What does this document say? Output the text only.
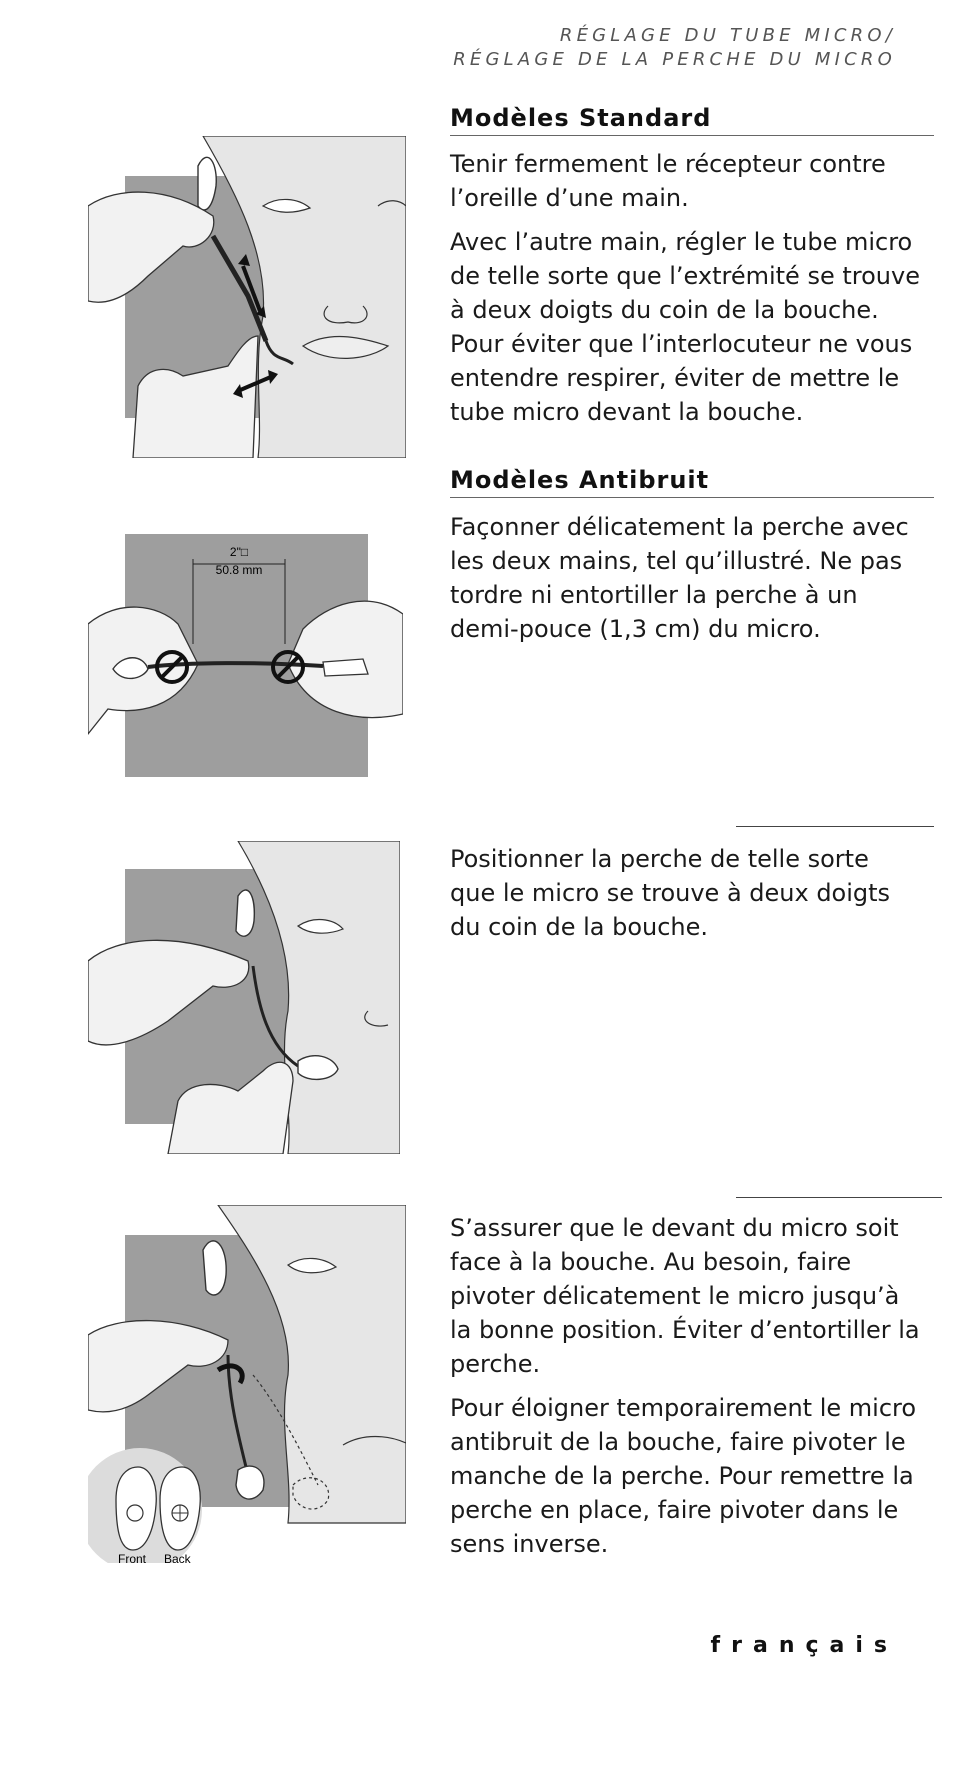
RÉGLAGE DU TUBE MICRO/
RÉGLAGE DE LA PERCHE DU MICRO
Modèles Standard

Tenir fermement le récepteur contre l’oreille d’une main.

Avec l’autre main, régler le tube micro de telle sorte que l’extrémité se trouve à deux doigts du coin de la bouche. Pour éviter que l’interlocuteur ne vous entendre respirer, éviter de mettre le tube micro devant la bouche.

Modèles Antibruit

Façonner délicatement la perche avec les deux mains, tel qu’illustré. Ne pas tordre ni entortiller la perche à un demi-pouce (1,3 cm) du micro.

2"□
50.8 mm

Positionner la perche de telle sorte que le micro se trouve à deux doigts du coin de la bouche.

S’assurer que le devant du micro soit face à la bouche. Au besoin, faire pivoter délicatement le micro jusqu’à la bonne position. Éviter d’entortiller la perche.

Pour éloigner temporairement le micro antibruit de la bouche, faire pivoter le manche de la perche. Pour remettre la perche en place, faire pivoter dans le sens inverse.

Front Back
français
